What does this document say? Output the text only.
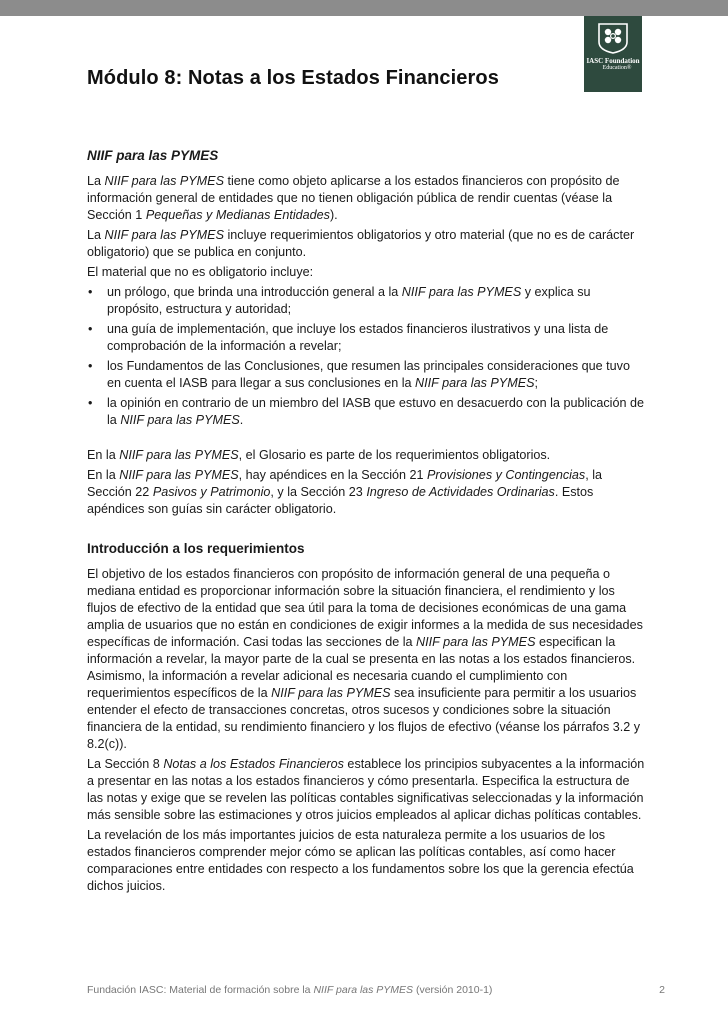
IASC Foundation
Education®
Módulo 8: Notas a los Estados Financieros
NIIF para las PYMES

La NIIF para las PYMES tiene como objeto aplicarse a los estados financieros con propósito de información general de entidades que no tienen obligación pública de rendir cuentas (véase la Sección 1 Pequeñas y Medianas Entidades).

La NIIF para las PYMES incluye requerimientos obligatorios y otro material (que no es de carácter obligatorio) que se publica en conjunto.

El material que no es obligatorio incluye:

• un prólogo, que brinda una introducción general a la NIIF para las PYMES y explica su propósito, estructura y autoridad;
• una guía de implementación, que incluye los estados financieros ilustrativos y una lista de comprobación de la información a revelar;
• los Fundamentos de las Conclusiones, que resumen las principales consideraciones que tuvo en cuenta el IASB para llegar a sus conclusiones en la NIIF para las PYMES;
• la opinión en contrario de un miembro del IASB que estuvo en desacuerdo con la publicación de la NIIF para las PYMES.

En la NIIF para las PYMES, el Glosario es parte de los requerimientos obligatorios.

En la NIIF para las PYMES, hay apéndices en la Sección 21 Provisiones y Contingencias, la Sección 22 Pasivos y Patrimonio, y la Sección 23 Ingreso de Actividades Ordinarias. Estos apéndices son guías sin carácter obligatorio.

Introducción a los requerimientos

El objetivo de los estados financieros con propósito de información general de una pequeña o mediana entidad es proporcionar información sobre la situación financiera, el rendimiento y los flujos de efectivo de la entidad que sea útil para la toma de decisiones económicas de una gama amplia de usuarios que no están en condiciones de exigir informes a la medida de sus necesidades específicas de información. Casi todas las secciones de la NIIF para las PYMES especifican la información a revelar, la mayor parte de la cual se presenta en las notas a los estados financieros. Asimismo, la información a revelar adicional es necesaria cuando el cumplimiento con requerimientos específicos de la NIIF para las PYMES sea insuficiente para permitir a los usuarios entender el efecto de transacciones concretas, otros sucesos y condiciones sobre la situación financiera de la entidad, su rendimiento financiero y los flujos de efectivo (véanse los párrafos 3.2 y 8.2(c)).

La Sección 8 Notas a los Estados Financieros establece los principios subyacentes a la información a presentar en las notas a los estados financieros y cómo presentarla. Especifica la estructura de las notas y exige que se revelen las políticas contables significativas seleccionadas y la información más sensible sobre las estimaciones y otros juicios empleados al aplicar dichas políticas contables.

La revelación de los más importantes juicios de esta naturaleza permite a los usuarios de los estados financieros comprender mejor cómo se aplican las políticas contables, así como hacer comparaciones entre entidades con respecto a los fundamentos sobre los que la gerencia efectúa dichos juicios.

Fundación IASC: Material de formación sobre la NIIF para las PYMES (versión 2010-1)	2
